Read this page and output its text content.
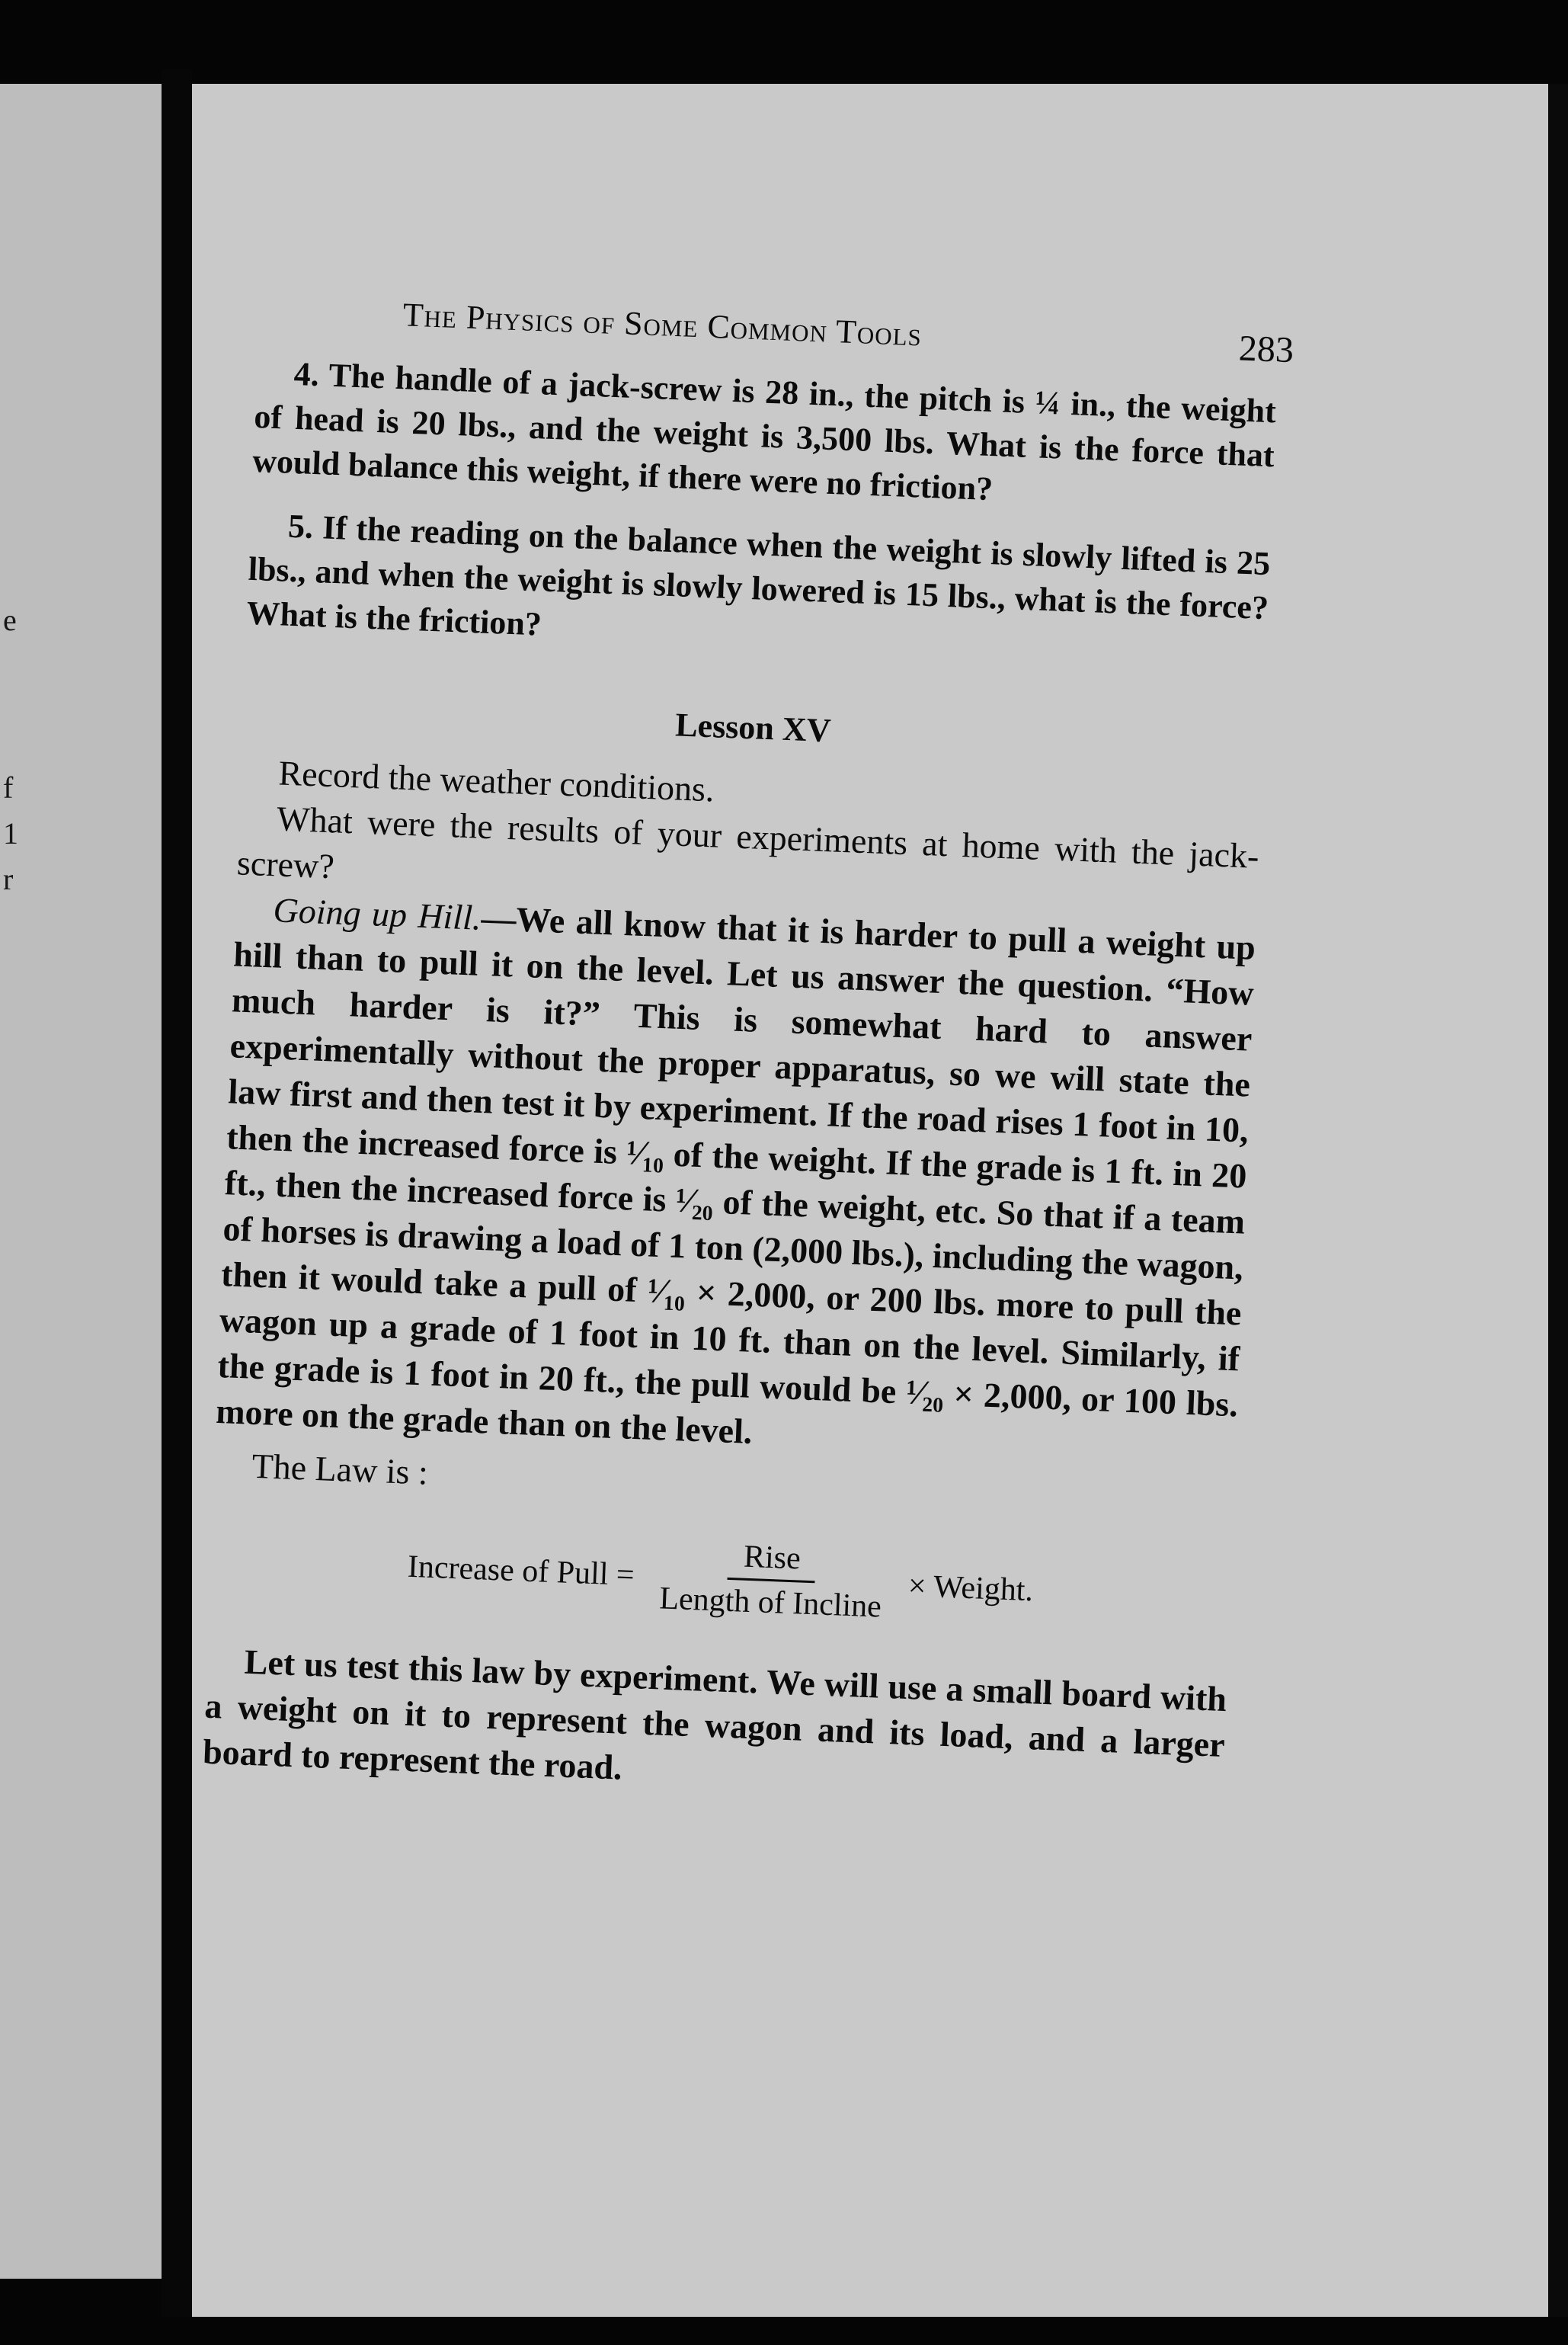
e
f
1
r
The Physics of Some Common Tools	283

4. The handle of a jack-screw is 28 in., the pitch is ¼ in., the weight of head is 20 lbs., and the weight is 3,500 lbs. What is the force that would balance this weight, if there were no friction?

5. If the reading on the balance when the weight is slowly lifted is 25 lbs., and when the weight is slowly lowered is 15 lbs., what is the force? What is the friction?

Lesson XV

Record the weather conditions.

What were the results of your experiments at home with the jack-screw?

Going up Hill.—We all know that it is harder to pull a weight up hill than to pull it on the level. Let us answer the question. “How much harder is it?” This is somewhat hard to answer experimentally without the proper apparatus, so we will state the law first and then test it by experiment. If the road rises 1 foot in 10, then the increased force is ¹⁄₁₀ of the weight. If the grade is 1 ft. in 20 ft., then the increased force is ¹⁄₂₀ of the weight, etc. So that if a team of horses is drawing a load of 1 ton (2,000 lbs.), including the wagon, then it would take a pull of ¹⁄₁₀ × 2,000, or 200 lbs. more to pull the wagon up a grade of 1 foot in 10 ft. than on the level. Similarly, if the grade is 1 foot in 20 ft., the pull would be ¹⁄₂₀ × 2,000, or 100 lbs. more on the grade than on the level.

The Law is :

Increase of Pull = $\frac{\text{Rise}}{\text{Length of Incline}}$ × Weight.

Let us test this law by experiment. We will use a small board with a weight on it to represent the wagon and its load, and a larger board to represent the road.
